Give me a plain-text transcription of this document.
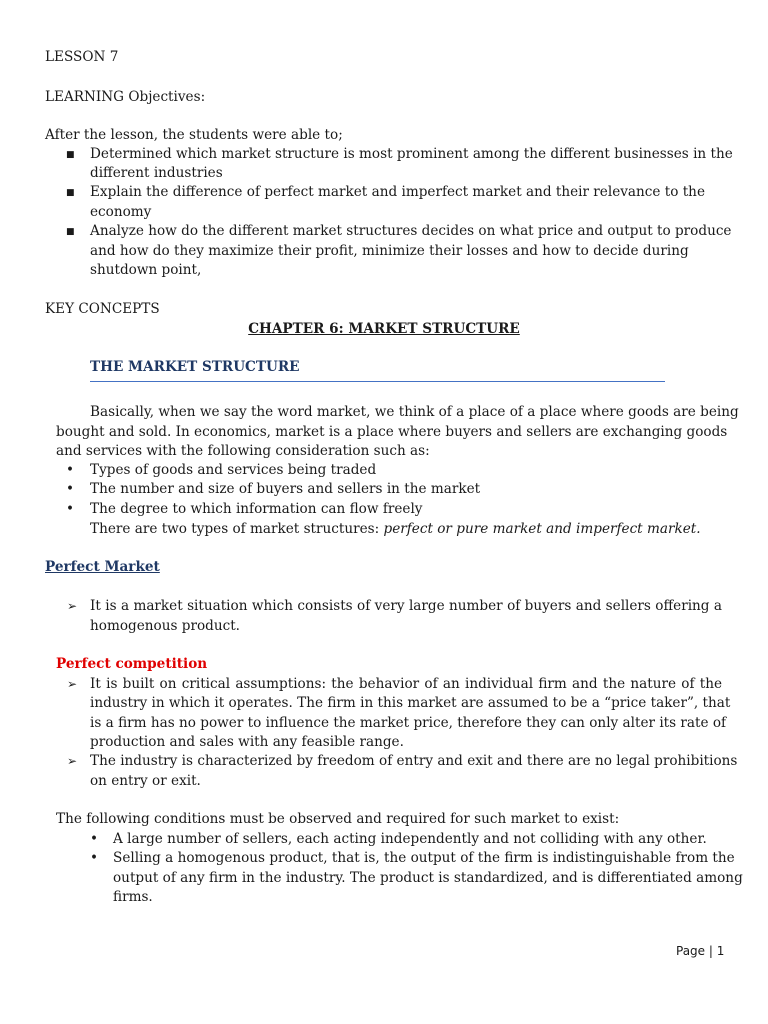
LESSON 7
LEARNING Objectives:
After the lesson, the students were able to;
■ Determined which market structure is most prominent among the different businesses in the
different industries
■ Explain the difference of perfect market and imperfect market and their relevance to the
economy
■ Analyze how do the different market structures decides on what price and output to produce
and how do they maximize their profit, minimize their losses and how to decide during
shutdown point,
KEY CONCEPTS
CHAPTER 6: MARKET STRUCTURE
THE MARKET STRUCTURE
Basically, when we say the word market, we think of a place of a place where goods are being
bought and sold. In economics, market is a place where buyers and sellers are exchanging goods
and services with the following consideration such as:
• Types of goods and services being traded
• The number and size of buyers and sellers in the market
• The degree to which information can flow freely
There are two types of market structures: perfect or pure market and imperfect market.
Perfect Market
➢ It is a market situation which consists of very large number of buyers and sellers offering a
homogenous product.
Perfect competition
➢ It is built on critical assumptions: the behavior of an individual firm and the nature of the
industry in which it operates. The firm in this market are assumed to be a “price taker”, that
is a firm has no power to influence the market price, therefore they can only alter its rate of
production and sales with any feasible range.
➢ The industry is characterized by freedom of entry and exit and there are no legal prohibitions
on entry or exit.
The following conditions must be observed and required for such market to exist:
• A large number of sellers, each acting independently and not colliding with any other.
• Selling a homogenous product, that is, the output of the firm is indistinguishable from the
output of any firm in the industry. The product is standardized, and is differentiated among
firms.
Page | 1
